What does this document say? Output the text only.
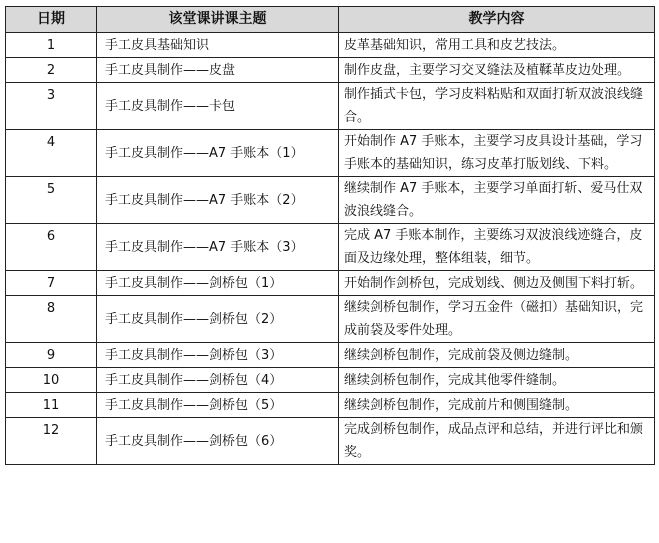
日期	该堂课讲课主题	教学内容
1	手工皮具基础知识	皮革基础知识，常用工具和皮艺技法。
2	手工皮具制作——皮盘	制作皮盘，主要学习交叉缝法及植鞣革皮边处理。
3	手工皮具制作——卡包	制作插式卡包，学习皮料粘贴和双面打斩双波浪线缝合。
4	手工皮具制作——A7 手账本（1）	开始制作 A7 手账本，主要学习皮具设计基础，学习手账本的基础知识，练习皮革打版划线、下料。
5	手工皮具制作——A7 手账本（2）	继续制作 A7 手账本，主要学习单面打斩、爱马仕双波浪线缝合。
6	手工皮具制作——A7 手账本（3）	完成 A7 手账本制作，主要练习双波浪线迹缝合，皮面及边缘处理，整体组装，细节。
7	手工皮具制作——剑桥包（1）	开始制作剑桥包，完成划线、侧边及侧围下料打斩。
8	手工皮具制作——剑桥包（2）	继续剑桥包制作，学习五金件（磁扣）基础知识，完成前袋及零件处理。
9	手工皮具制作——剑桥包（3）	继续剑桥包制作，完成前袋及侧边缝制。
10	手工皮具制作——剑桥包（4）	继续剑桥包制作，完成其他零件缝制。
11	手工皮具制作——剑桥包（5）	继续剑桥包制作，完成前片和侧围缝制。
12	手工皮具制作——剑桥包（6）	完成剑桥包制作，成品点评和总结，并进行评比和颁奖。
